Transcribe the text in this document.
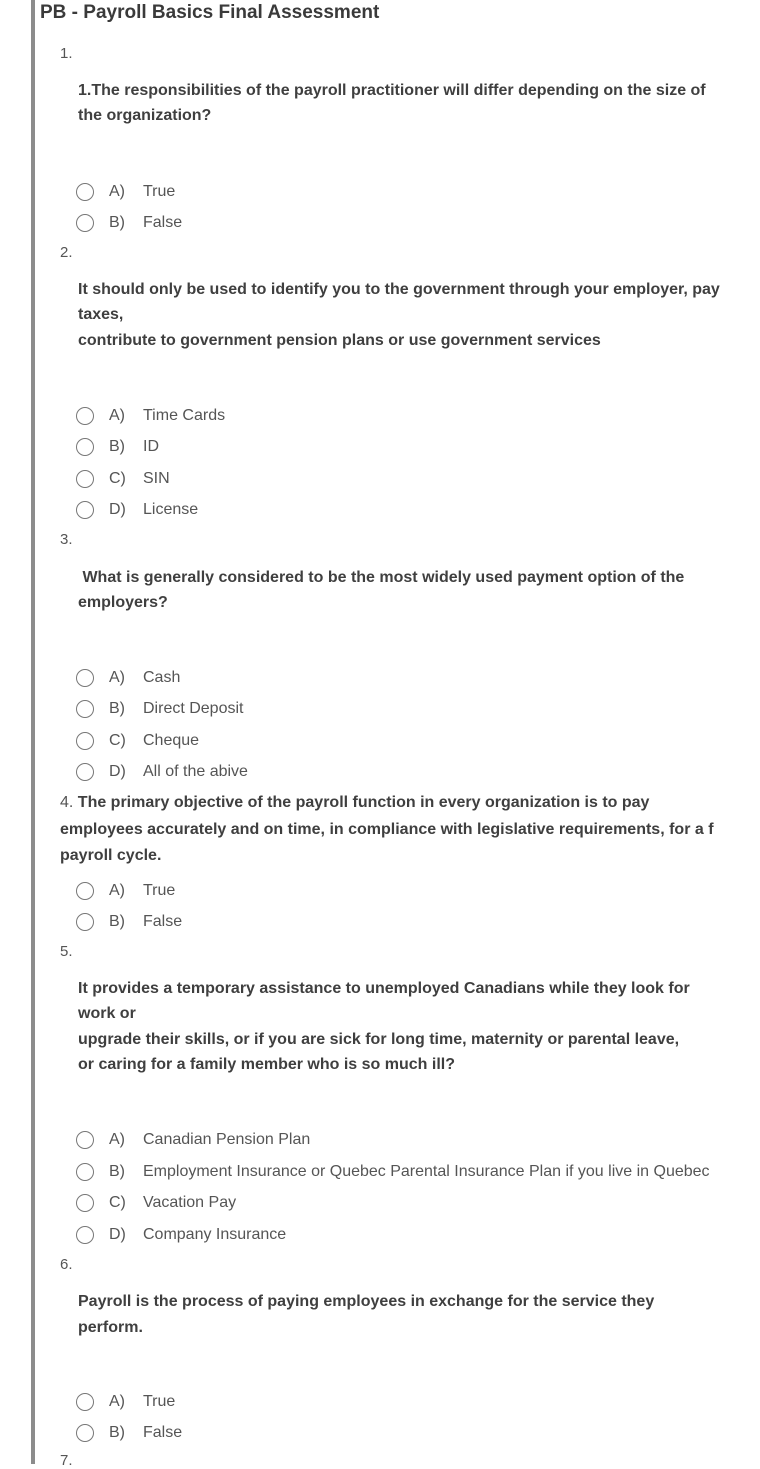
PB - Payroll Basics Final Assessment
1.
1.The responsibilities of the payroll practitioner will differ depending on the size of
the organization?
A)	True
B)	False
2.
It should only be used to identify you to the government through your employer, pay
taxes,
contribute to government pension plans or use government services
A)	Time Cards
B)	ID
C)	SIN
D)	License
3.
What is generally considered to be the most widely used payment option of the
employers?
A)	Cash
B)	Direct Deposit
C)	Cheque
D)	All of the abive
4. The primary objective of the payroll function in every organization is to pay
employees accurately and on time, in compliance with legislative requirements, for a f
payroll cycle.
A)	True
B)	False
5.
It provides a temporary assistance to unemployed Canadians while they look for
work or
upgrade their skills, or if you are sick for long time, maternity or parental leave,
or caring for a family member who is so much ill?
A)	Canadian Pension Plan
B)	Employment Insurance or Quebec Parental Insurance Plan if you live in Quebec
C)	Vacation Pay
D)	Company Insurance
6.
Payroll is the process of paying employees in exchange for the service they
perform.
A)	True
B)	False
7.
